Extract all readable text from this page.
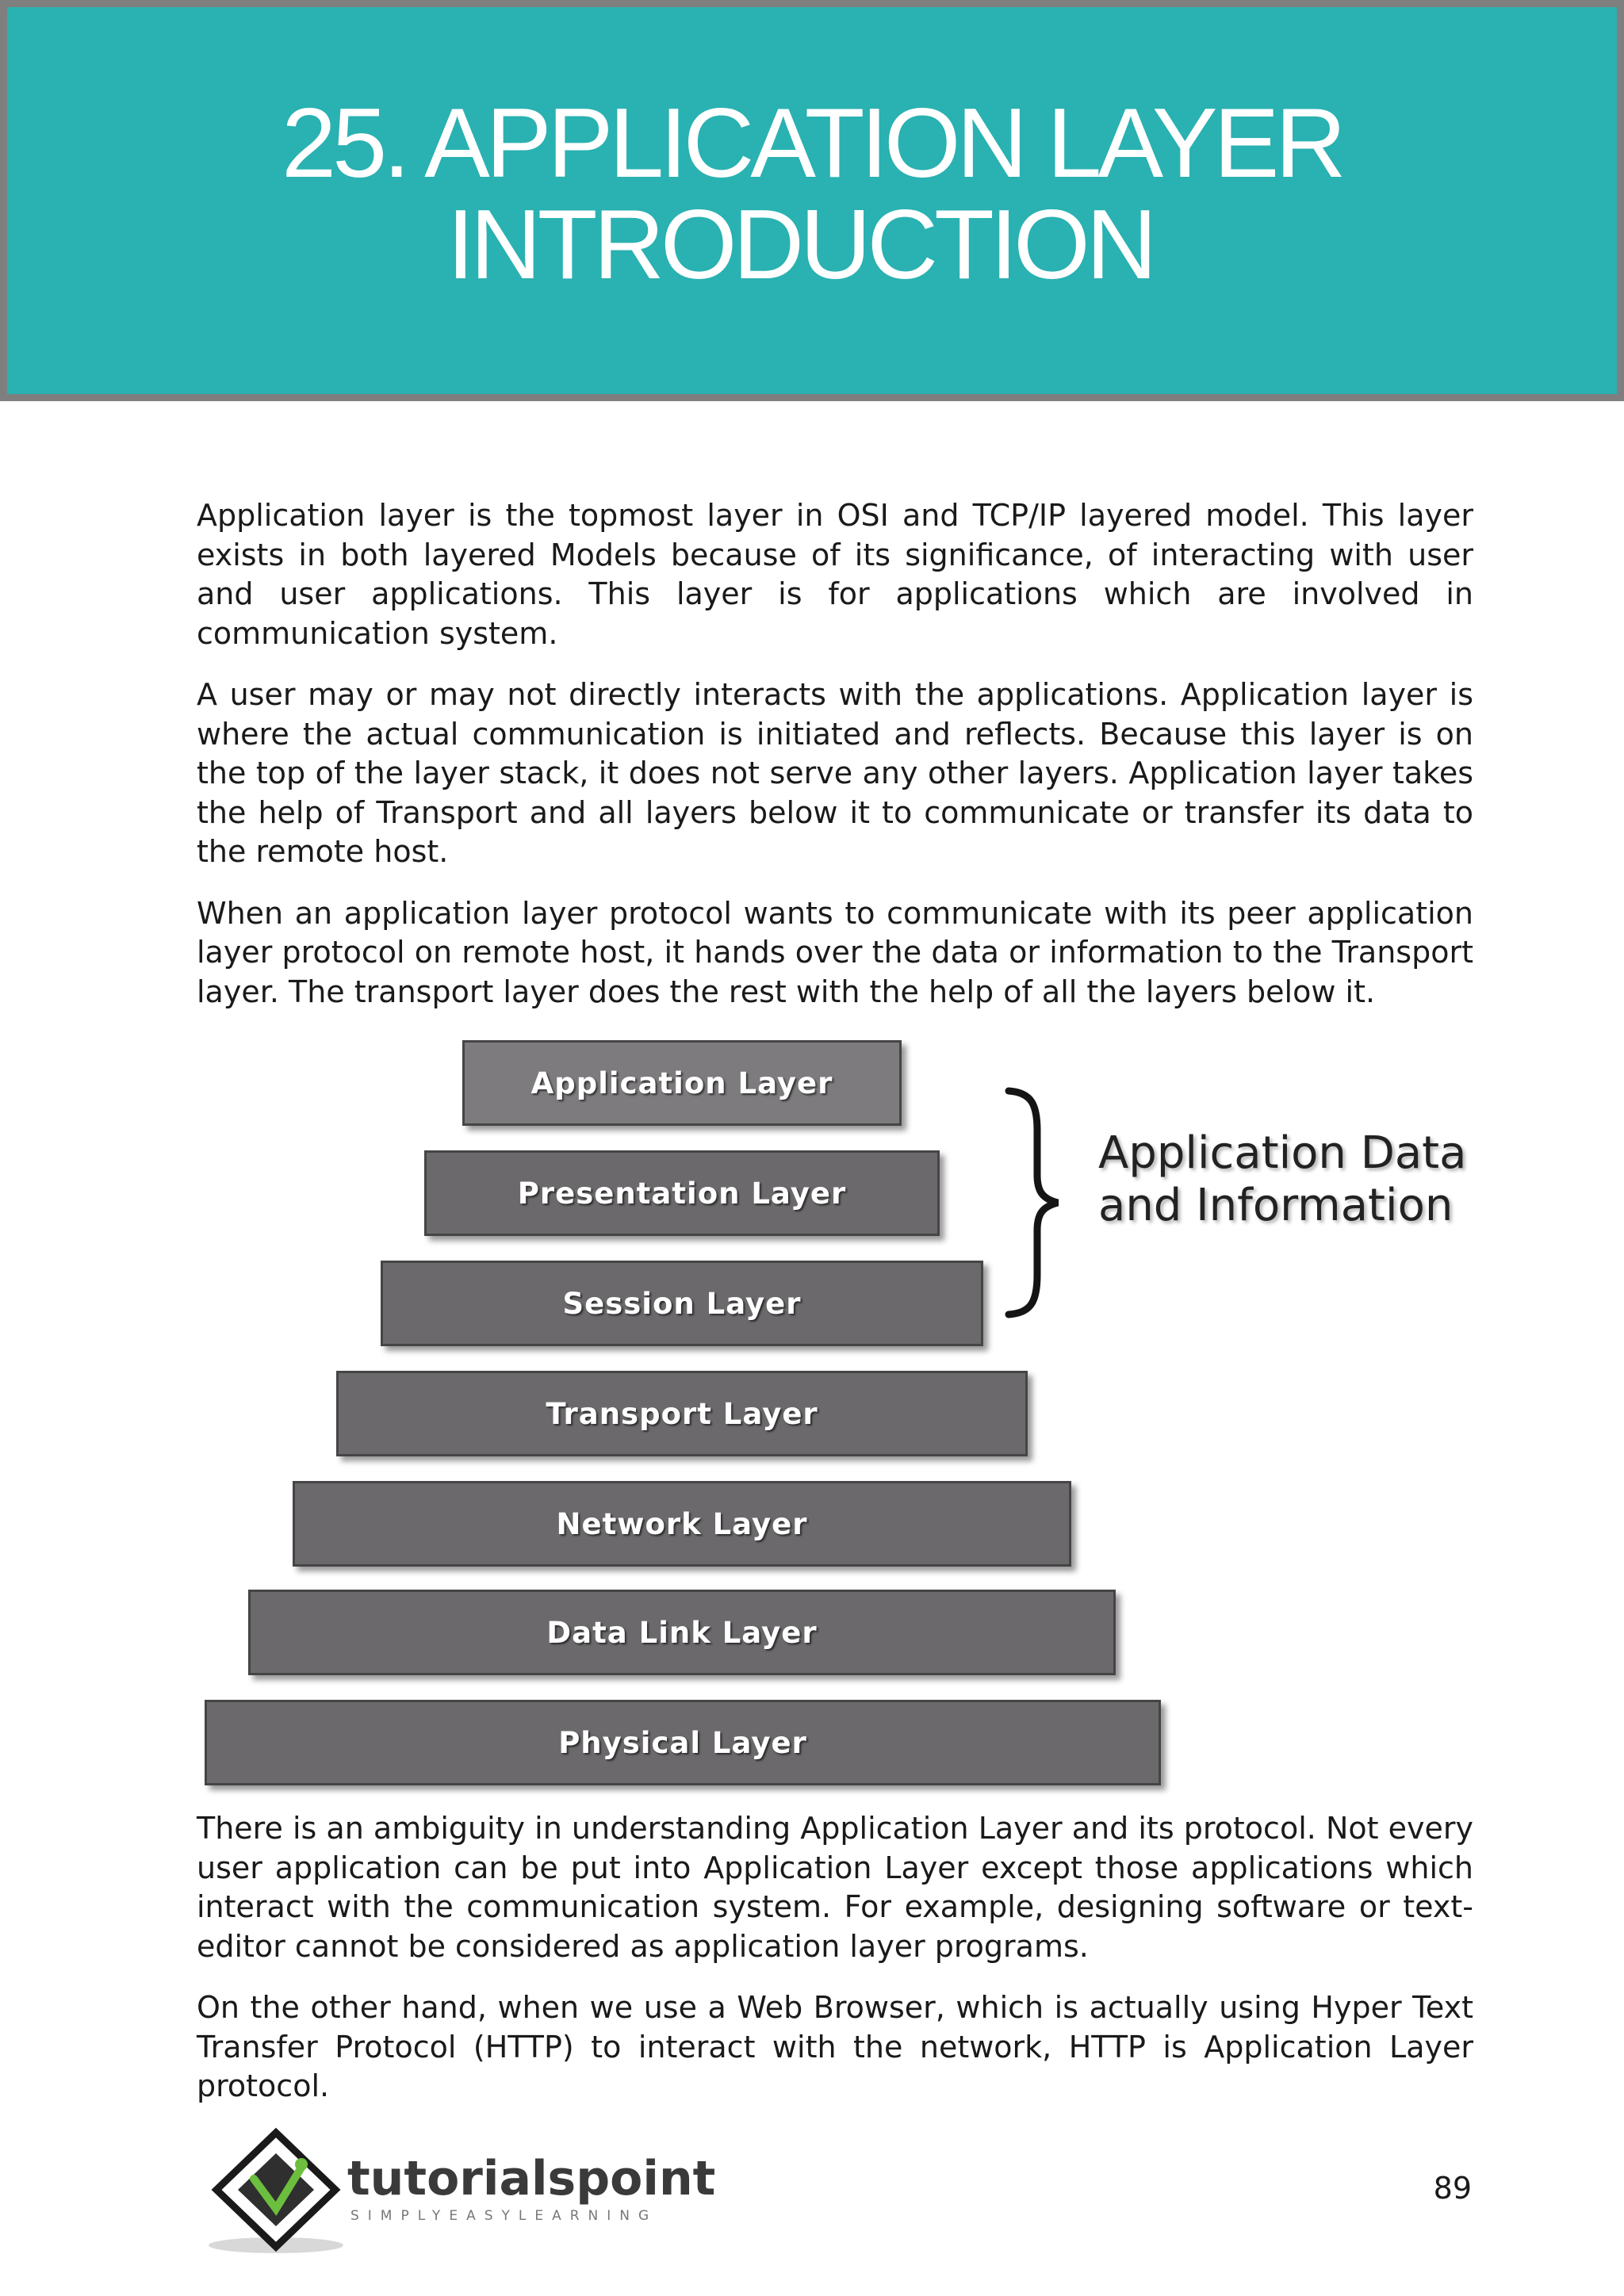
25. APPLICATION LAYER
INTRODUCTION

Application layer is the topmost layer in OSI and TCP/IP layered model. This layer exists in both layered Models because of its significance, of interacting with user and user applications. This layer is for applications which are involved in communication system.

A user may or may not directly interacts with the applications. Application layer is where the actual communication is initiated and reflects. Because this layer is on the top of the layer stack, it does not serve any other layers. Application layer takes the help of Transport and all layers below it to communicate or transfer its data to the remote host.

When an application layer protocol wants to communicate with its peer application layer protocol on remote host, it hands over the data or information to the Transport layer. The transport layer does the rest with the help of all the layers below it.

Application Layer
Presentation Layer
Session Layer
Transport Layer
Network Layer
Data Link Layer
Physical Layer
Application Data
and Information

There is an ambiguity in understanding Application Layer and its protocol. Not every user application can be put into Application Layer except those applications which interact with the communication system. For example, designing software or text-editor cannot be considered as application layer programs.

On the other hand, when we use a Web Browser, which is actually using Hyper Text Transfer Protocol (HTTP) to interact with the network, HTTP is Application Layer protocol.

tutorialspoint
SIMPLYEASYLEARNING
89
